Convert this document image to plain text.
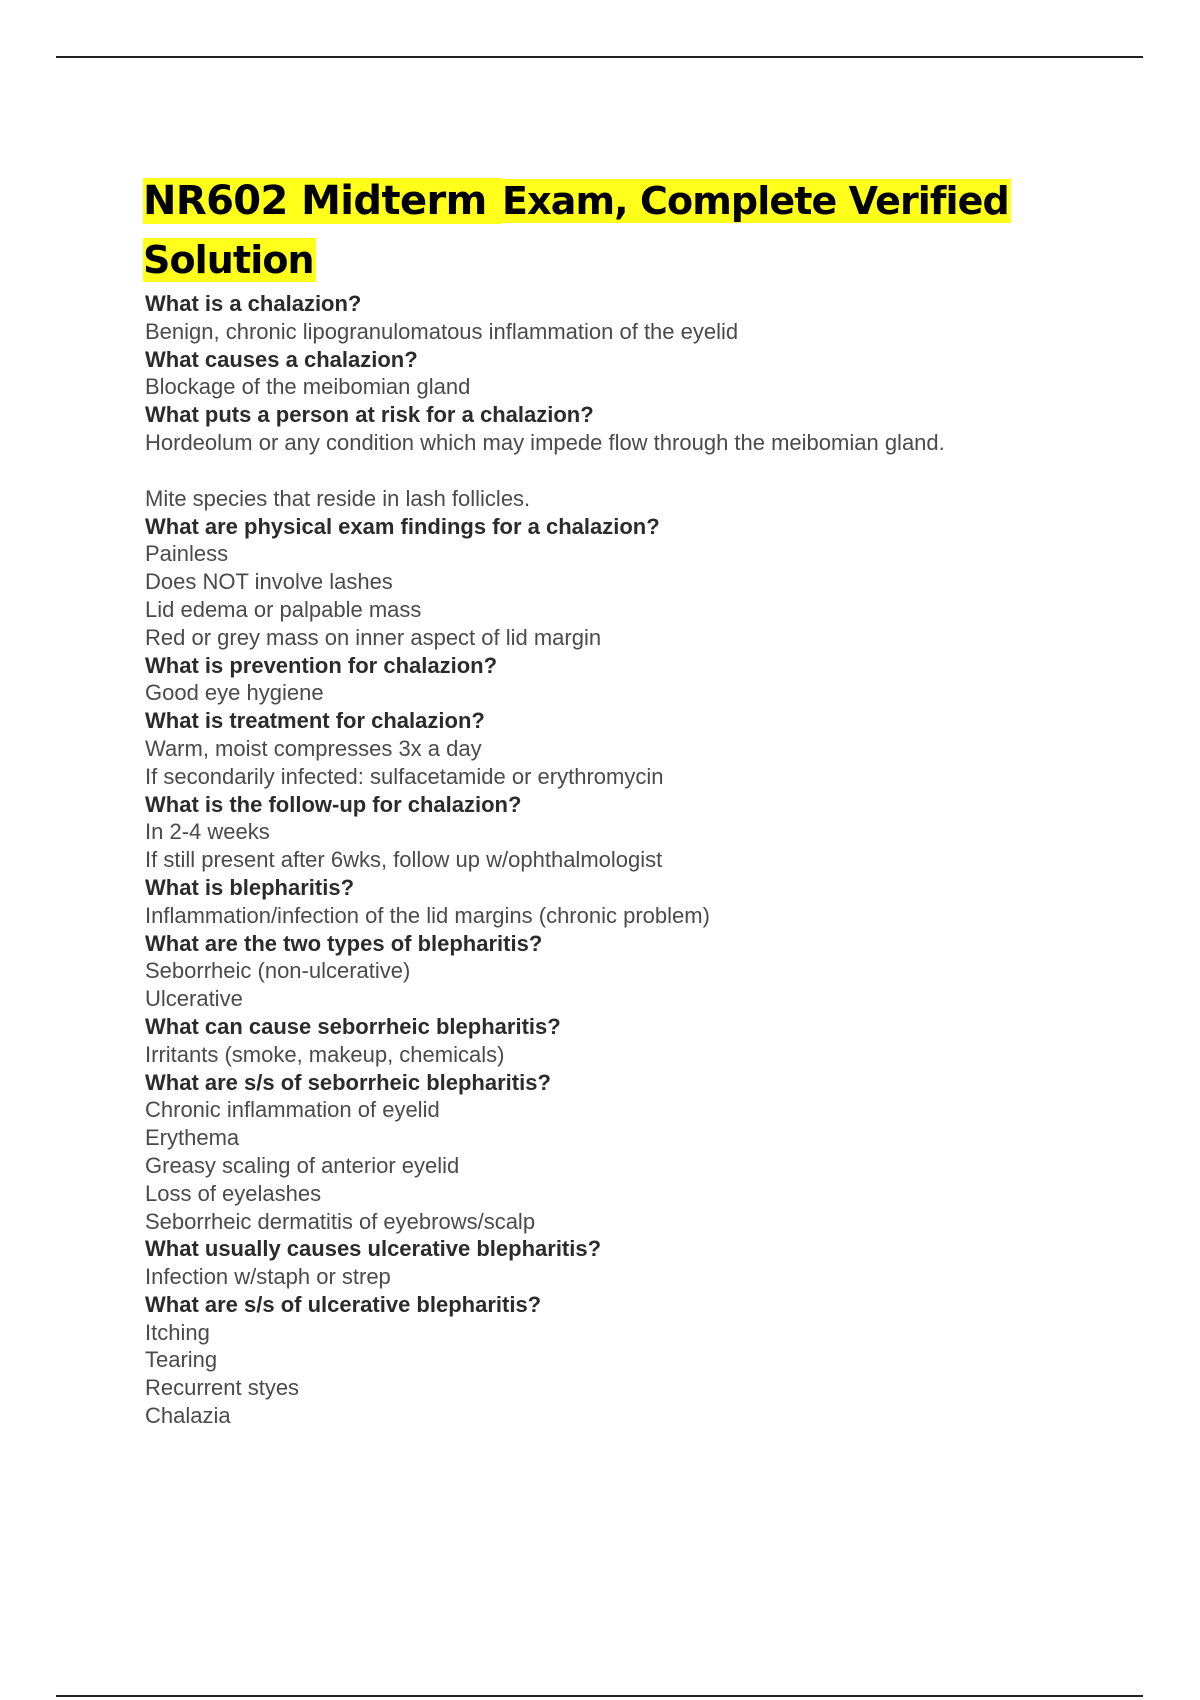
NR602 Midterm Exam, Complete Verified
Solution
What is a chalazion?
Benign, chronic lipogranulomatous inflammation of the eyelid
What causes a chalazion?
Blockage of the meibomian gland
What puts a person at risk for a chalazion?
Hordeolum or any condition which may impede flow through the meibomian gland.
Mite species that reside in lash follicles.
What are physical exam findings for a chalazion?
Painless
Does NOT involve lashes
Lid edema or palpable mass
Red or grey mass on inner aspect of lid margin
What is prevention for chalazion?
Good eye hygiene
What is treatment for chalazion?
Warm, moist compresses 3x a day
If secondarily infected: sulfacetamide or erythromycin
What is the follow-up for chalazion?
In 2-4 weeks
If still present after 6wks, follow up w/ophthalmologist
What is blepharitis?
Inflammation/infection of the lid margins (chronic problem)
What are the two types of blepharitis?
Seborrheic (non-ulcerative)
Ulcerative
What can cause seborrheic blepharitis?
Irritants (smoke, makeup, chemicals)
What are s/s of seborrheic blepharitis?
Chronic inflammation of eyelid
Erythema
Greasy scaling of anterior eyelid
Loss of eyelashes
Seborrheic dermatitis of eyebrows/scalp
What usually causes ulcerative blepharitis?
Infection w/staph or strep
What are s/s of ulcerative blepharitis?
Itching
Tearing
Recurrent styes
Chalazia
